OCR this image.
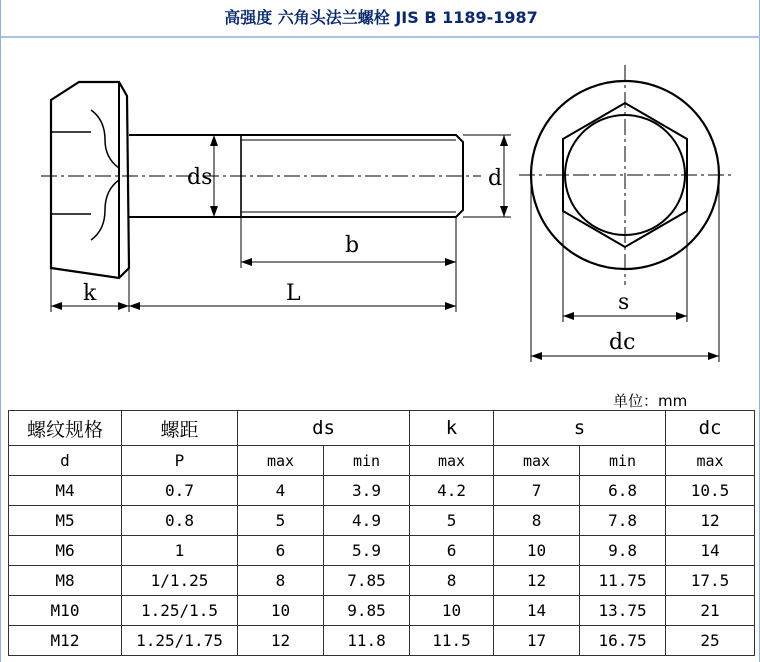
高强度 六角头法兰螺栓 JIS B 1189-1987
ds	d
b
k	L	s
dc
单位：mm
螺纹规格	螺距	ds		k	s		dc
d	P	max	min	max	max	min	max
M4	0.7	4	3.9	4.2	7	6.8	10.5
M5	0.8	5	4.9	5	8	7.8	12
M6	1	6	5.9	6	10	9.8	14
M8	1/1.25	8	7.85	8	12	11.75	17.5
M10	1.25/1.5	10	9.85	10	14	13.75	21
M12	1.25/1.75	12	11.8	11.5	17	16.75	25
